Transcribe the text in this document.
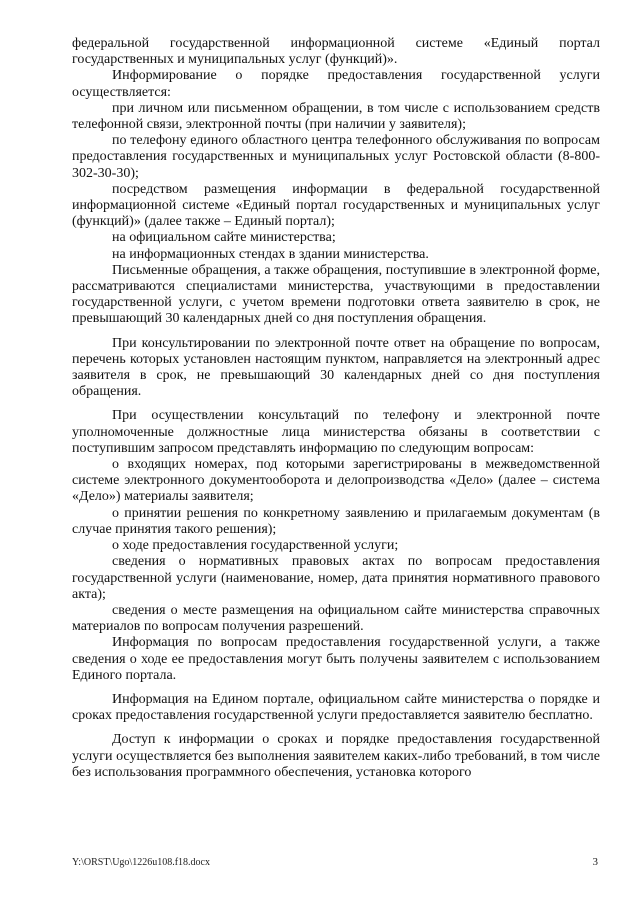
федеральной государственной информационной системе «Единый портал государственных и муниципальных услуг (функций)».

Информирование о порядке предоставления государственной услуги осуществляется:

при личном или письменном обращении, в том числе с использованием средств телефонной связи, электронной почты (при наличии у заявителя);

по телефону единого областного центра телефонного обслуживания по вопросам предоставления государственных и муниципальных услуг Ростовской области (8-800-302-30-30);

посредством размещения информации в федеральной государственной информационной системе «Единый портал государственных и муниципальных услуг (функций)» (далее также – Единый портал);

на официальном сайте министерства;

на информационных стендах в здании министерства.

Письменные обращения, а также обращения, поступившие в электронной форме, рассматриваются специалистами министерства, участвующими в предоставлении государственной услуги, с учетом времени подготовки ответа заявителю в срок, не превышающий 30 календарных дней со дня поступления обращения.

При консультировании по электронной почте ответ на обращение по вопросам, перечень которых установлен настоящим пунктом, направляется на электронный адрес заявителя в срок, не превышающий 30 календарных дней со дня поступления обращения.

При осуществлении консультаций по телефону и электронной почте уполномоченные должностные лица министерства обязаны в соответствии с поступившим запросом представлять информацию по следующим вопросам:

о входящих номерах, под которыми зарегистрированы в межведомственной системе электронного документооборота и делопроизводства «Дело» (далее – система «Дело») материалы заявителя;

о принятии решения по конкретному заявлению и прилагаемым документам (в случае принятия такого решения);

о ходе предоставления государственной услуги;

сведения о нормативных правовых актах по вопросам предоставления государственной услуги (наименование, номер, дата принятия нормативного правового акта);

сведения о месте размещения на официальном сайте министерства справочных материалов по вопросам получения разрешений.

Информация по вопросам предоставления государственной услуги, а также сведения о ходе ее предоставления могут быть получены заявителем с использованием Единого портала.

Информация на Едином портале, официальном сайте министерства о порядке и сроках предоставления государственной услуги предоставляется заявителю бесплатно.

Доступ к информации о сроках и порядке предоставления государственной услуги осуществляется без выполнения заявителем каких-либо требований, в том числе без использования программного обеспечения, установка которого

Y:\ORST\Ugo\1226u108.f18.docx	3
